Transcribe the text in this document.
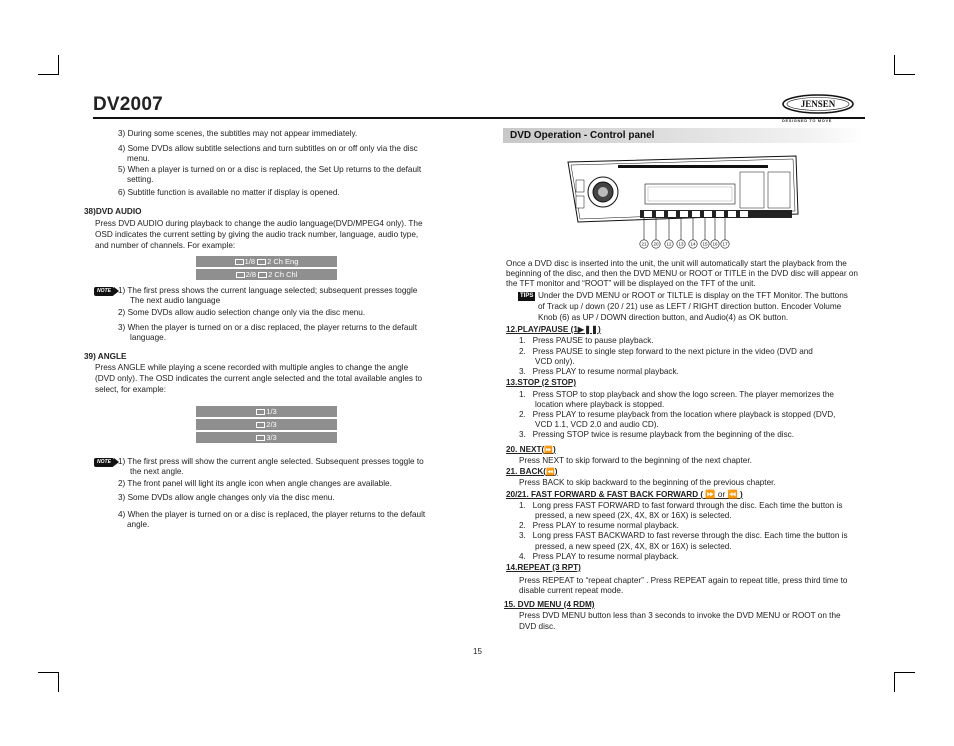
DV2007	JENSEN
DESIGNED TO MOVE
3) During some scenes, the subtitles may not appear immediately.
4) Some DVDs allow subtitle selections and turn subtitles on or off only via the disc
menu.
5) When a player is turned on or a disc is replaced, the Set Up returns to the default
setting.
6) Subtitle function is available no matter if display is opened.
38)DVD AUDIO
Press DVD AUDIO during playback to change the audio language(DVD/MPEG4 only). The
OSD indicates the current setting by giving the audio track number, language, audio type,
and number of channels. For example:
1/8 2 Ch Eng
2/8 2 Ch Chl
NOTE 1) The first press shows the current language selected; subsequent presses toggle
The next audio language
2) Some DVDs allow audio selection change only via the disc menu.
3) When the player is turned on or a disc replaced, the player returns to the default
language.
39) ANGLE
Press ANGLE while playing a scene recorded with multiple angles to change the angle
(DVD only). The OSD indicates the current angle selected and the total available angles to
select, for example:
1/3
2/3
3/3
NOTE 1) The first press will show the current angle selected. Subsequent presses toggle to
the next angle.
2) The front panel will light its angle icon when angle changes are available.
3) Some DVDs allow angle changes only via the disc menu.
4) When the player is turned on or a disc is replaced, the player returns to the default
angle.
DVD Operation - Control panel
21 20 12 13 14 15 16 17
Once a DVD disc is inserted into the unit, the unit will automatically start the playback from the
beginning of the disc, and then the DVD MENU or ROOT or TITLE in the DVD disc will appear on
the TFT monitor and “ROOT” will be displayed on the TFT of the unit.
TIPS Under the DVD MENU or ROOT or TILTLE is display on the TFT Monitor. The buttons
of Track up / down (20 / 21) use as LEFT / RIGHT direction button. Encoder Volume
Knob (6) as UP / DOWN direction button, and Audio(4) as OK button.
12.PLAY/PAUSE (1▶❚❚)
1. Press PAUSE to pause playback.
2. Press PAUSE to single step forward to the next picture in the video (DVD and
VCD only).
3. Press PLAY to resume normal playback.
13.STOP (2 STOP)
1. Press STOP to stop playback and show the logo screen. The player memorizes the
location where playback is stopped.
2. Press PLAY to resume playback from the location where playback is stopped (DVD,
VCD 1.1, VCD 2.0 and audio CD).
3. Pressing STOP twice is resume playback from the beginning of the disc.
20. NEXT(⏩)
Press NEXT to skip forward to the beginning of the next chapter.
21. BACK(⏪)
Press BACK to skip backward to the beginning of the previous chapter.
20/21. FAST FORWARD & FAST BACK FORWARD ( ⏩ or ⏪ )
1. Long press FAST FORWARD to fast forward through the disc. Each time the button is
pressed, a new speed (2X, 4X, 8X or 16X) is selected.
2. Press PLAY to resume normal playback.
3. Long press FAST BACKWARD to fast reverse through the disc. Each time the button is
pressed, a new speed (2X, 4X, 8X or 16X) is selected.
4. Press PLAY to resume normal playback.
14.REPEAT (3 RPT)
Press REPEAT to “repeat chapter” . Press REPEAT again to repeat title, press third time to
disable current repeat mode.
15. DVD MENU (4 RDM)
Press DVD MENU button less than 3 seconds to invoke the DVD MENU or ROOT on the
DVD disc.
15
